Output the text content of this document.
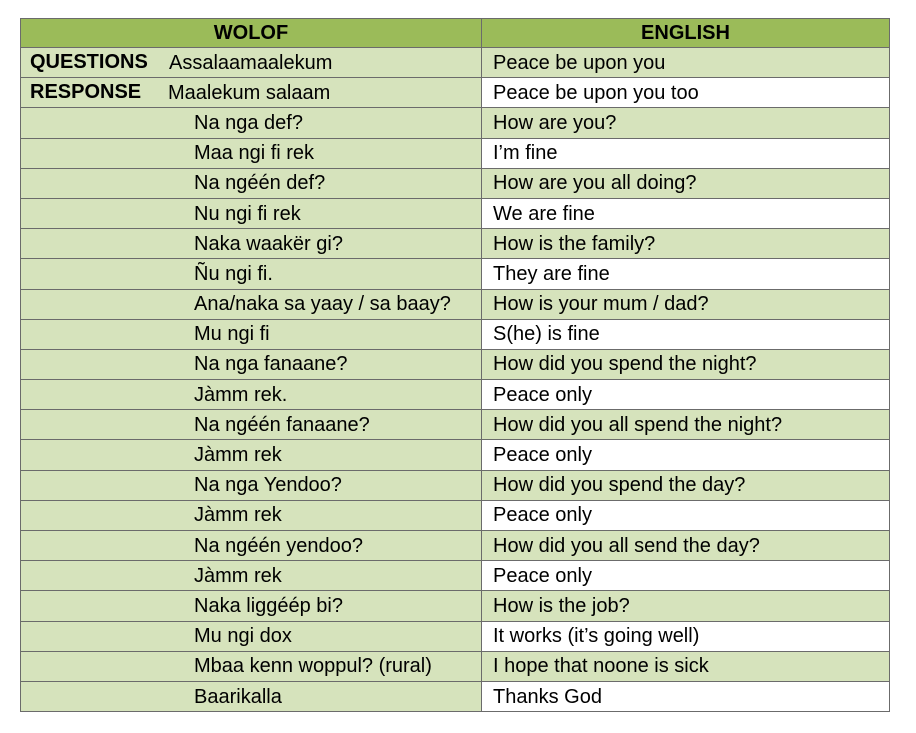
WOLOF	ENGLISH

QUESTIONS Assalaamaalekum	Peace be upon you

RESPONSE Maalekum salaam	Peace be upon you too
Na nga def?	How are you?
Maa ngi fi rek	I’m fine
Na ngéén def?	How are you all doing?
Nu ngi fi rek	We are fine
Naka waakër gi?	How is the family?
Ñu ngi fi.	They are fine
Ana/naka sa yaay / sa baay?	How is your mum / dad?
Mu ngi fi	S(he) is fine
Na nga fanaane?	How did you spend the night?
Jàmm rek.	Peace only
Na ngéén fanaane?	How did you all spend the night?
Jàmm rek	Peace only
Na nga Yendoo?	How did you spend the day?
Jàmm rek	Peace only
Na ngéén yendoo?	How did you all send the day?
Jàmm rek	Peace only
Naka liggéép bi?	How is the job?
Mu ngi dox	It works (it’s going well)
Mbaa kenn woppul? (rural)	I hope that noone is sick
Baarikalla	Thanks God
